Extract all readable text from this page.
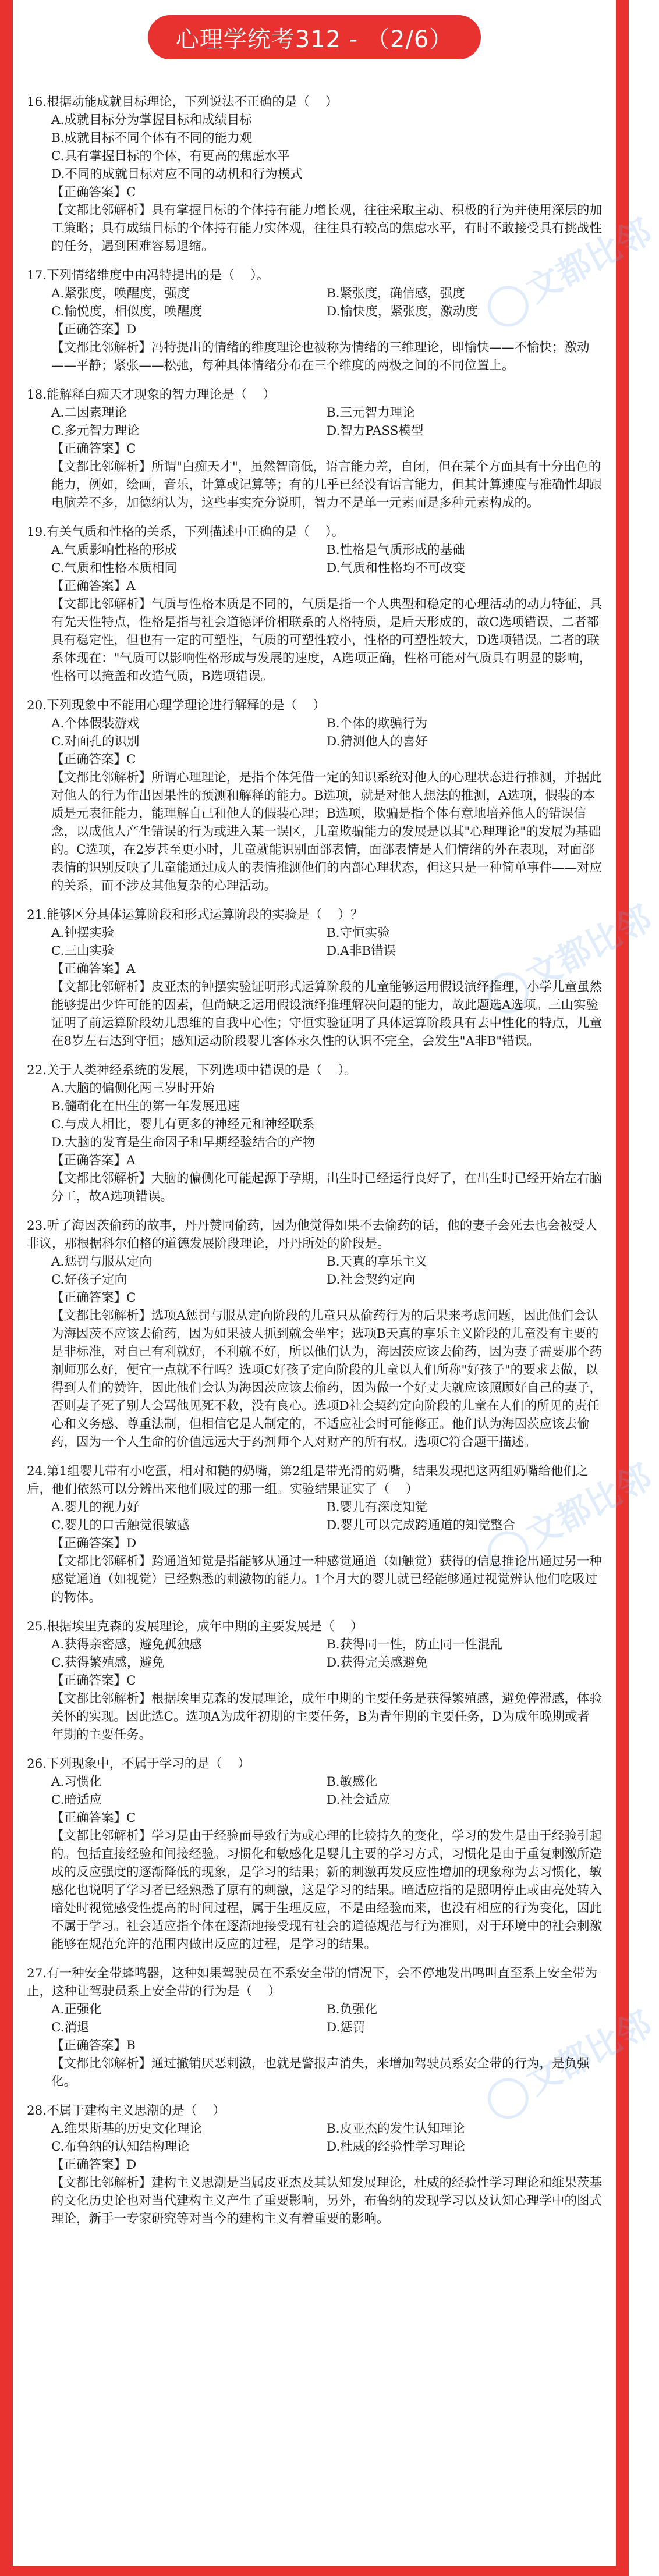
心理学统考312 - （2/6）
文都比邻
文都比邻
文都比邻
文都比邻
16.根据动能成就目标理论，下列说法不正确的是（    ）
A.成就目标分为掌握目标和成绩目标
B.成就目标不同个体有不同的能力观
C.具有掌握目标的个体，有更高的焦虑水平
D.不同的成就目标对应不同的动机和行为模式
【正确答案】C
【文都比邻解析】具有掌握目标的个体持有能力增长观，往往采取主动、积极的行为并使用深层的加工策略；具有成绩目标的个体持有能力实体观，往往具有较高的焦虑水平，有时不敢接受具有挑战性的任务，遇到困难容易退缩。
17.下列情绪维度中由冯特提出的是（    ）。
A.紧张度，唤醒度，强度	B.紧张度，确信感，强度
C.愉悦度，相似度，唤醒度	D.愉快度，紧张度，激动度
【正确答案】D
【文都比邻解析】冯特提出的情绪的维度理论也被称为情绪的三维理论，即愉快——不愉快；激动——平静；紧张——松弛，每种具体情绪分布在三个维度的两极之间的不同位置上。
18.能解释白痴天才现象的智力理论是（    ）
A.二因素理论	B.三元智力理论
C.多元智力理论	D.智力PASS模型
【正确答案】C
【文都比邻解析】所谓"白痴天才"，虽然智商低，语言能力差，自闭，但在某个方面具有十分出色的能力，例如，绘画，音乐，计算或记算等；有的几乎已经没有语言能力，但其计算速度与准确性却跟电脑差不多，加德纳认为，这些事实充分说明，智力不是单一元素而是多种元素构成的。
19.有关气质和性格的关系，下列描述中正确的是（    ）。
A.气质影响性格的形成	B.性格是气质形成的基础
C.气质和性格本质相同	D.气质和性格均不可改变
【正确答案】A
【文都比邻解析】气质与性格本质是不同的，气质是指一个人典型和稳定的心理活动的动力特征，具有先天性特点，性格是指与社会道德评价相联系的人格特质，是后天形成的，故C选项错误，二者都具有稳定性，但也有一定的可塑性，气质的可塑性较小，性格的可塑性较大，D选项错误。二者的联系体现在："气质可以影响性格形成与发展的速度，A选项正确，性格可能对气质具有明显的影响，性格可以掩盖和改造气质，B选项错误。
20.下列现象中不能用心理学理论进行解释的是（    ）
A.个体假装游戏	B.个体的欺骗行为
C.对面孔的识别	D.猜测他人的喜好
【正确答案】C
【文都比邻解析】所谓心理理论，是指个体凭借一定的知识系统对他人的心理状态进行推测，并据此对他人的行为作出因果性的预测和解释的能力。B选项，就是对他人想法的推测，A选项，假装的本质是元表征能力，能理解自己和他人的假装心理；B选项，欺骗是指个体有意地培养他人的错误信念，以成他人产生错误的行为或进入某一误区，儿童欺骗能力的发展是以其"心理理论"的发展为基础的。C选项，在2岁甚至更小时，儿童就能识别面部表情，面部表情是人们情绪的外在表现，对面部表情的识别反映了儿童能通过成人的表情推测他们的内部心理状态，但这只是一种简单事件——对应的关系，而不涉及其他复杂的心理活动。
21.能够区分具体运算阶段和形式运算阶段的实验是（    ）？
A.钟摆实验	B.守恒实验
C.三山实验	D.A非B错误
【正确答案】A
【文都比邻解析】皮亚杰的钟摆实验证明形式运算阶段的儿童能够运用假设演绎推理，小学儿童虽然能够提出少许可能的因素，但尚缺乏运用假设演绎推理解决问题的能力，故此题选A选项。三山实验证明了前运算阶段幼儿思维的自我中心性；守恒实验证明了具体运算阶段具有去中性化的特点，儿童在8岁左右达到守恒；感知运动阶段婴儿客体永久性的认识不完全，会发生"A非B"错误。
22.关于人类神经系统的发展，下列选项中错误的是（    ）。
A.大脑的偏侧化两三岁时开始
B.髓鞘化在出生的第一年发展迅速
C.与成人相比，婴儿有更多的神经元和神经联系
D.大脑的发育是生命因子和早期经验结合的产物
【正确答案】A
【文都比邻解析】大脑的偏侧化可能起源于孕期，出生时已经运行良好了，在出生时已经开始左右脑分工，故A选项错误。
23.听了海因茨偷药的故事，丹丹赞同偷药，因为他觉得如果不去偷药的话，他的妻子会死去也会被受人非议，那根据科尔伯格的道德发展阶段理论，丹丹所处的阶段是。
A.惩罚与服从定向	B.天真的享乐主义
C.好孩子定向	D.社会契约定向
【正确答案】C
【文都比邻解析】选项A惩罚与服从定向阶段的儿童只从偷药行为的后果来考虑问题，因此他们会认为海因茨不应该去偷药，因为如果被人抓到就会坐牢；选项B天真的享乐主义阶段的儿童没有主要的是非标准，对自己有利就好，不利就不好，所以他们认为，海因茨应该去偷药，因为妻子需要那个药剂师那么好，便宜一点就不行吗？选项C好孩子定向阶段的儿童以人们所称"好孩子"的要求去做，以得到人们的赞许，因此他们会认为海因茨应该去偷药，因为做一个好丈夫就应该照顾好自己的妻子，否则妻子死了别人会骂他见死不救，没有良心。选项D社会契约定向阶段的儿童在人们的所见的责任心和义务感、尊重法制，但相信它是人制定的，不适应社会时可能修正。他们认为海因茨应该去偷药，因为一个人生命的价值远远大于药剂师个人对财产的所有权。选项C符合题干描述。
24.第1组婴儿带有小吃蛋，相对和糙的奶嘴，第2组是带光滑的奶嘴，结果发现把这两组奶嘴给他们之后，他们依然可以分辨出来他们吸过的那一组。实验结果证实了（    ）
A.婴儿的视力好	B.婴儿有深度知觉
C.婴儿的口舌触觉很敏感	D.婴儿可以完成跨通道的知觉整合
【正确答案】D
【文都比邻解析】跨通道知觉是指能够从通过一种感觉通道（如触觉）获得的信息推论出通过另一种感觉通道（如视觉）已经熟悉的刺激物的能力。1个月大的婴儿就已经能够通过视觉辨认他们吃吸过的物体。
25.根据埃里克森的发展理论，成年中期的主要发展是（    ）
A.获得亲密感，避免孤独感	B.获得同一性，防止同一性混乱
C.获得繁殖感，避免	D.获得完美感避免
【正确答案】C
【文都比邻解析】根据埃里克森的发展理论，成年中期的主要任务是获得繁殖感，避免停滞感，体验关怀的实现。因此选C。选项A为成年初期的主要任务，B为青年期的主要任务，D为成年晚期或者年期的主要任务。
26.下列现象中，不属于学习的是（    ）
A.习惯化	B.敏感化
C.暗适应	D.社会适应
【正确答案】C
【文都比邻解析】学习是由于经验而导致行为或心理的比较持久的变化，学习的发生是由于经验引起的。包括直接经验和间接经验。习惯化和敏感化是婴儿主要的学习方式，习惯化是由于重复刺激所造成的反应强度的逐渐降低的现象，是学习的结果；新的刺激再发反应性增加的现象称为去习惯化，敏感化也说明了学习者已经熟悉了原有的刺激，这是学习的结果。暗适应指的是照明停止或由亮处转入暗处时视觉感受性提高的时间过程，属于生理反应，不是由经验而来，也没有相应的行为变化，因此不属于学习。社会适应指个体在逐渐地接受现有社会的道德规范与行为准则，对于环境中的社会刺激能够在规范允许的范围内做出反应的过程，是学习的结果。
27.有一种安全带蜂鸣器，这种如果驾驶员在不系安全带的情况下，会不停地发出鸣叫直至系上安全带为止，这种让驾驶员系上安全带的行为是（    ）
A.正强化	B.负强化
C.消退	D.惩罚
【正确答案】B
【文都比邻解析】通过撤销厌恶刺激，也就是警报声消失，来增加驾驶员系安全带的行为，是负强化。
28.不属于建构主义思潮的是（    ）
A.维果斯基的历史文化理论	B.皮亚杰的发生认知理论
C.布鲁纳的认知结构理论	D.杜威的经验性学习理论
【正确答案】D
【文都比邻解析】建构主义思潮是当属皮亚杰及其认知发展理论，杜威的经验性学习理论和维果茨基的文化历史论也对当代建构主义产生了重要影响，另外，布鲁纳的发现学习以及认知心理学中的图式理论，新手一专家研究等对当今的建构主义有着重要的影响。
